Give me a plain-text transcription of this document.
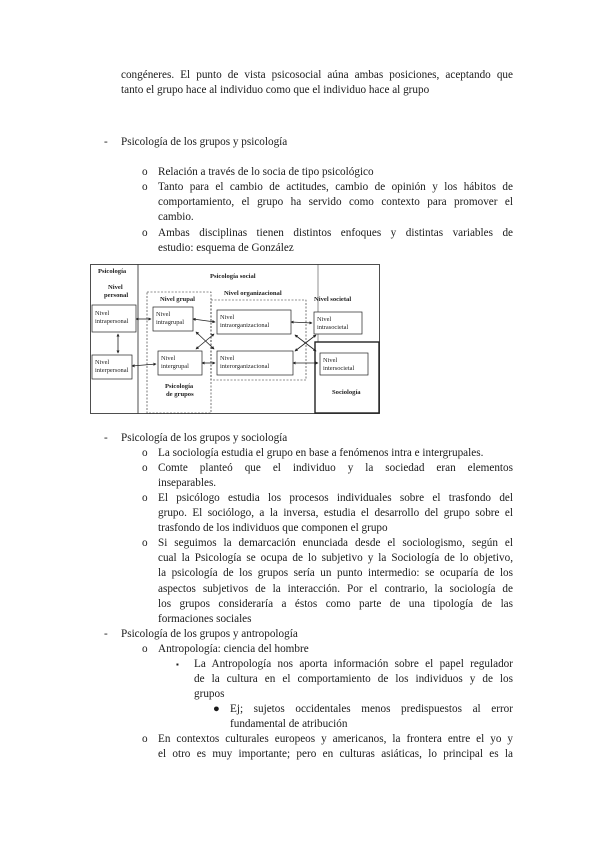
congéneres. El punto de vista psicosocial aúna ambas posiciones, aceptando que
tanto el grupo hace al individuo como que el individuo hace al grupo
-	Psicología de los grupos y psicología
o Relación a través de lo socia de tipo psicológico
o Tanto para el cambio de actitudes, cambio de opinión y los hábitos de
comportamiento, el grupo ha servido como contexto para promover el
cambio.
o Ambas disciplinas tienen distintos enfoques y distintas variables de
estudio: esquema de González
Psicología
Psicología social
Nivel
personal
Nivel grupal
Nivel organizacional
Nivel societal
Nivel
intrapersonal
Nivel
intragrupal
Nivel
intraorganizacional
Nivel
intrasocietal
Nivel
interpersonal
Nivel
intergrupal
Nivel
interorganizacional
Nivel
intersocietal
Psicología
de grupos	Sociología
-	Psicología de los grupos y sociología
o La sociología estudia el grupo en base a fenómenos intra e intergrupales.
o Comte planteó que el individuo y la sociedad eran elementos
inseparables.
o El psicólogo estudia los procesos individuales sobre el trasfondo del
grupo. El sociólogo, a la inversa, estudia el desarrollo del grupo sobre el
trasfondo de los individuos que componen el grupo
o Si seguimos la demarcación enunciada desde el sociologismo, según el
cual la Psicología se ocupa de lo subjetivo y la Sociología de lo objetivo,
la psicología de los grupos sería un punto intermedio: se ocuparía de los
aspectos subjetivos de la interacción. Por el contrario, la sociología de
los grupos consideraría a éstos como parte de una tipología de las
formaciones sociales
-	Psicología de los grupos y antropología
o Antropología: ciencia del hombre
▪	La Antropología nos aporta información sobre el papel regulador
de la cultura en el comportamiento de los individuos y de los
grupos
● Ej; sujetos occidentales menos predispuestos al error
fundamental de atribución
o En contextos culturales europeos y americanos, la frontera entre el yo y
el otro es muy importante; pero en culturas asiáticas, lo principal es la
